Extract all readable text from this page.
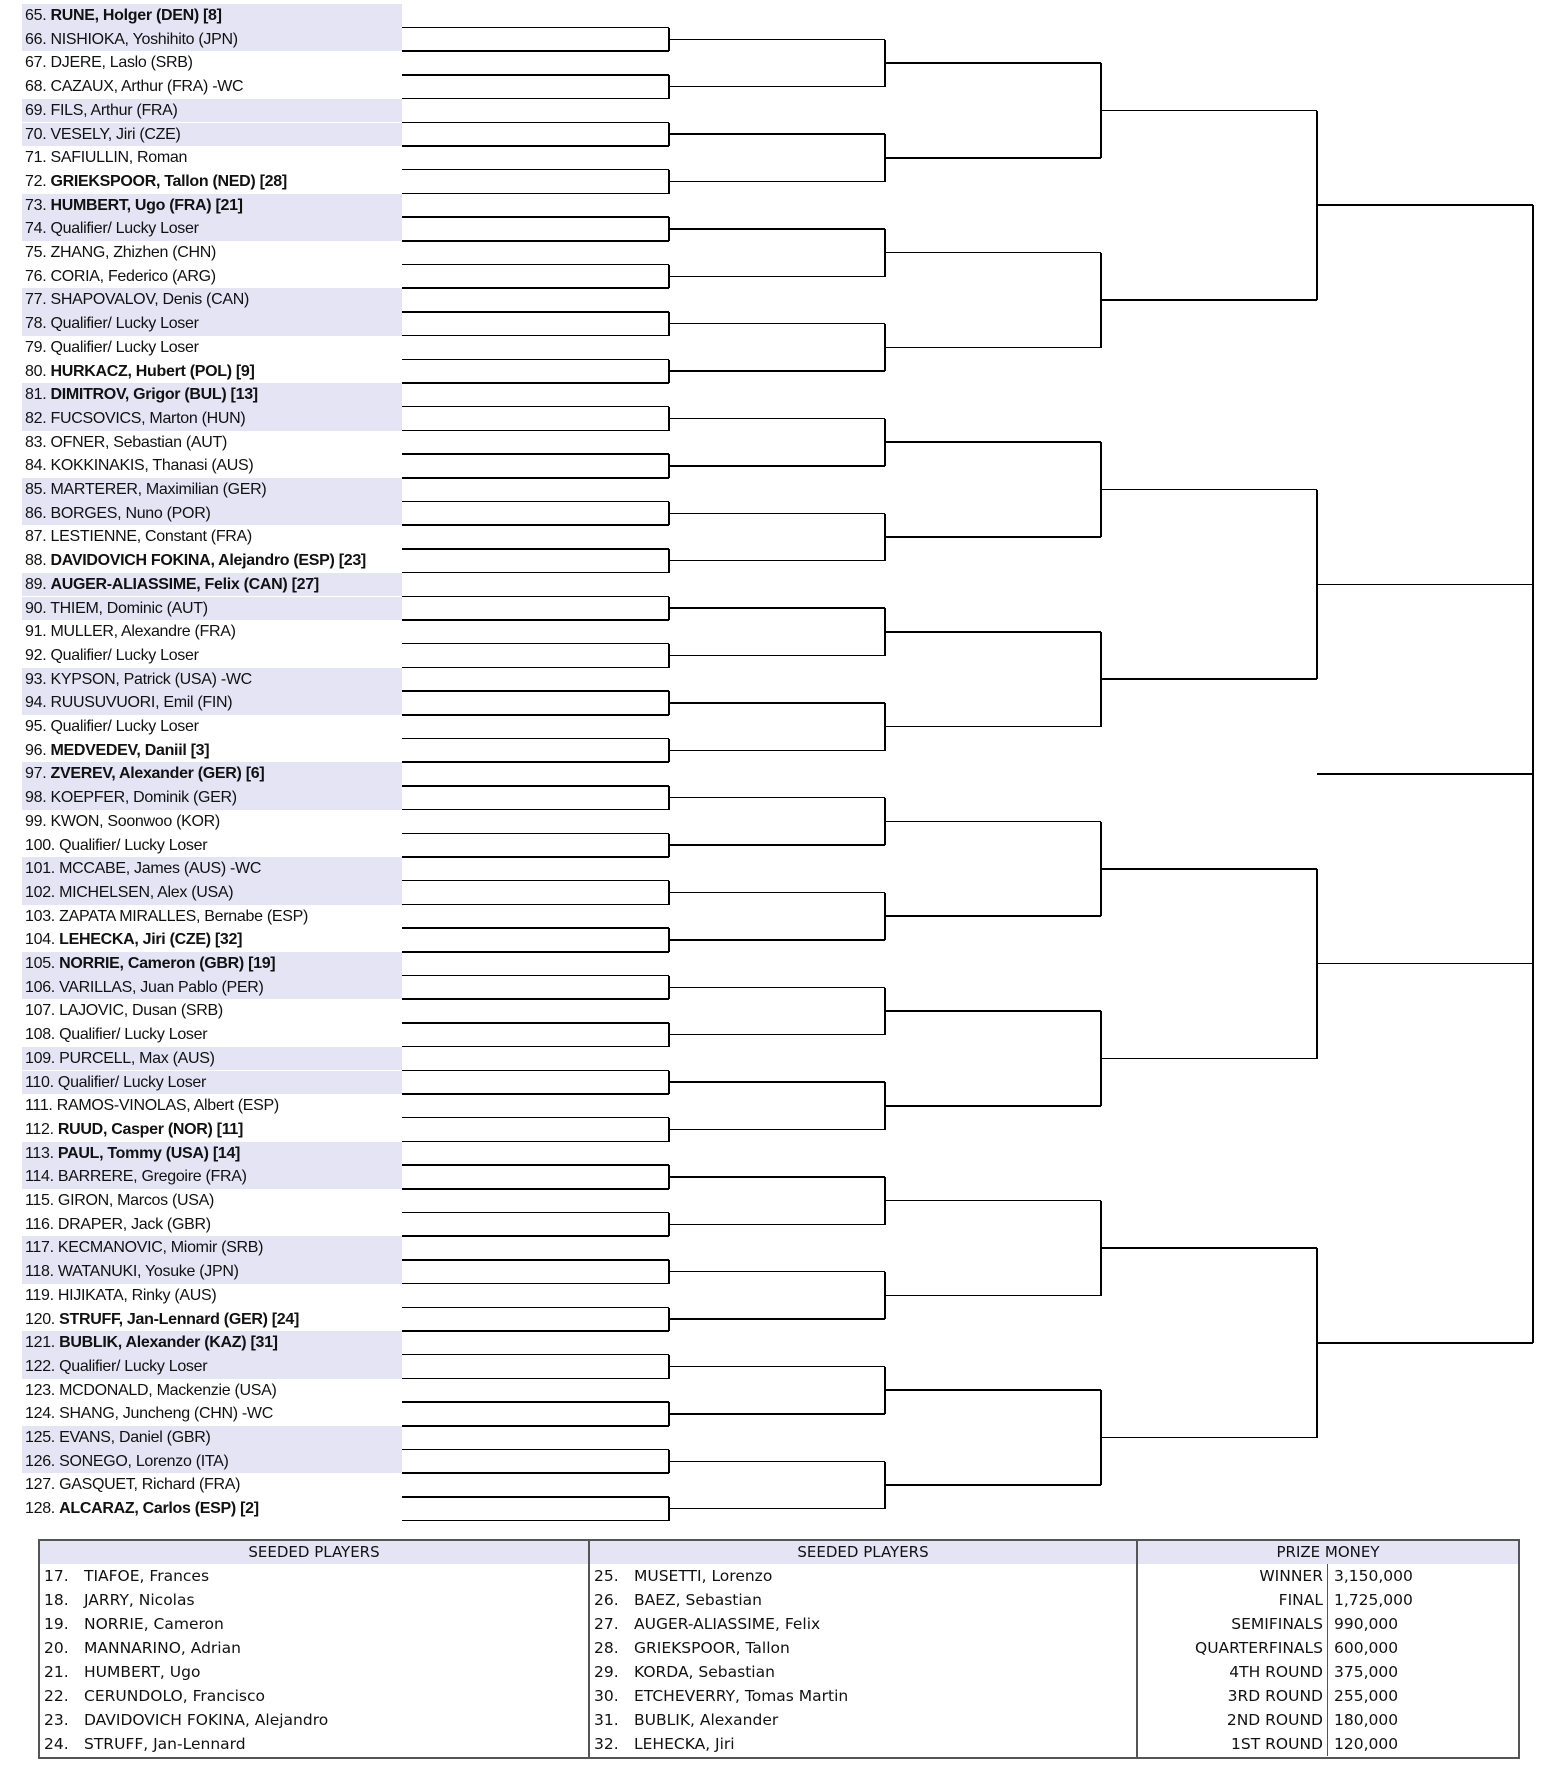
65. RUNE, Holger (DEN) [8]
66. NISHIOKA, Yoshihito (JPN)
67. DJERE, Laslo (SRB)
68. CAZAUX, Arthur (FRA) -WC
69. FILS, Arthur (FRA)
70. VESELY, Jiri (CZE)
71. SAFIULLIN, Roman
72. GRIEKSPOOR, Tallon (NED) [28]
73. HUMBERT, Ugo (FRA) [21]
74. Qualifier/ Lucky Loser
75. ZHANG, Zhizhen (CHN)
76. CORIA, Federico (ARG)
77. SHAPOVALOV, Denis (CAN)
78. Qualifier/ Lucky Loser
79. Qualifier/ Lucky Loser
80. HURKACZ, Hubert (POL) [9]
81. DIMITROV, Grigor (BUL) [13]
82. FUCSOVICS, Marton (HUN)
83. OFNER, Sebastian (AUT)
84. KOKKINAKIS, Thanasi (AUS)
85. MARTERER, Maximilian (GER)
86. BORGES, Nuno (POR)
87. LESTIENNE, Constant (FRA)
88. DAVIDOVICH FOKINA, Alejandro (ESP) [23]
89. AUGER-ALIASSIME, Felix (CAN) [27]
90. THIEM, Dominic (AUT)
91. MULLER, Alexandre (FRA)
92. Qualifier/ Lucky Loser
93. KYPSON, Patrick (USA) -WC
94. RUUSUVUORI, Emil (FIN)
95. Qualifier/ Lucky Loser
96. MEDVEDEV, Daniil [3]
97. ZVEREV, Alexander (GER) [6]
98. KOEPFER, Dominik (GER)
99. KWON, Soonwoo (KOR)
100. Qualifier/ Lucky Loser
101. MCCABE, James (AUS) -WC
102. MICHELSEN, Alex (USA)
103. ZAPATA MIRALLES, Bernabe (ESP)
104. LEHECKA, Jiri (CZE) [32]
105. NORRIE, Cameron (GBR) [19]
106. VARILLAS, Juan Pablo (PER)
107. LAJOVIC, Dusan (SRB)
108. Qualifier/ Lucky Loser
109. PURCELL, Max (AUS)
110. Qualifier/ Lucky Loser
111. RAMOS-VINOLAS, Albert (ESP)
112. RUUD, Casper (NOR) [11]
113. PAUL, Tommy (USA) [14]
114. BARRERE, Gregoire (FRA)
115. GIRON, Marcos (USA)
116. DRAPER, Jack (GBR)
117. KECMANOVIC, Miomir (SRB)
118. WATANUKI, Yosuke (JPN)
119. HIJIKATA, Rinky (AUS)
120. STRUFF, Jan-Lennard (GER) [24]
121. BUBLIK, Alexander (KAZ) [31]
122. Qualifier/ Lucky Loser
123. MCDONALD, Mackenzie (USA)
124. SHANG, Juncheng (CHN) -WC
125. EVANS, Daniel (GBR)
126. SONEGO, Lorenzo (ITA)
127. GASQUET, Richard (FRA)
128. ALCARAZ, Carlos (ESP) [2]
SEEDED PLAYERS
17. TIAFOE, Frances
18. JARRY, Nicolas
19. NORRIE, Cameron
20. MANNARINO, Adrian
21. HUMBERT, Ugo
22. CERUNDOLO, Francisco
23. DAVIDOVICH FOKINA, Alejandro
24. STRUFF, Jan-Lennard
SEEDED PLAYERS
25. MUSETTI, Lorenzo
26. BAEZ, Sebastian
27. AUGER-ALIASSIME, Felix
28. GRIEKSPOOR, Tallon
29. KORDA, Sebastian
30. ETCHEVERRY, Tomas Martin
31. BUBLIK, Alexander
32. LEHECKA, Jiri
PRIZE MONEY
WINNER 3,150,000
FINAL 1,725,000
SEMIFINALS 990,000
QUARTERFINALS 600,000
4TH ROUND 375,000
3RD ROUND 255,000
2ND ROUND 180,000
1ST ROUND 120,000
